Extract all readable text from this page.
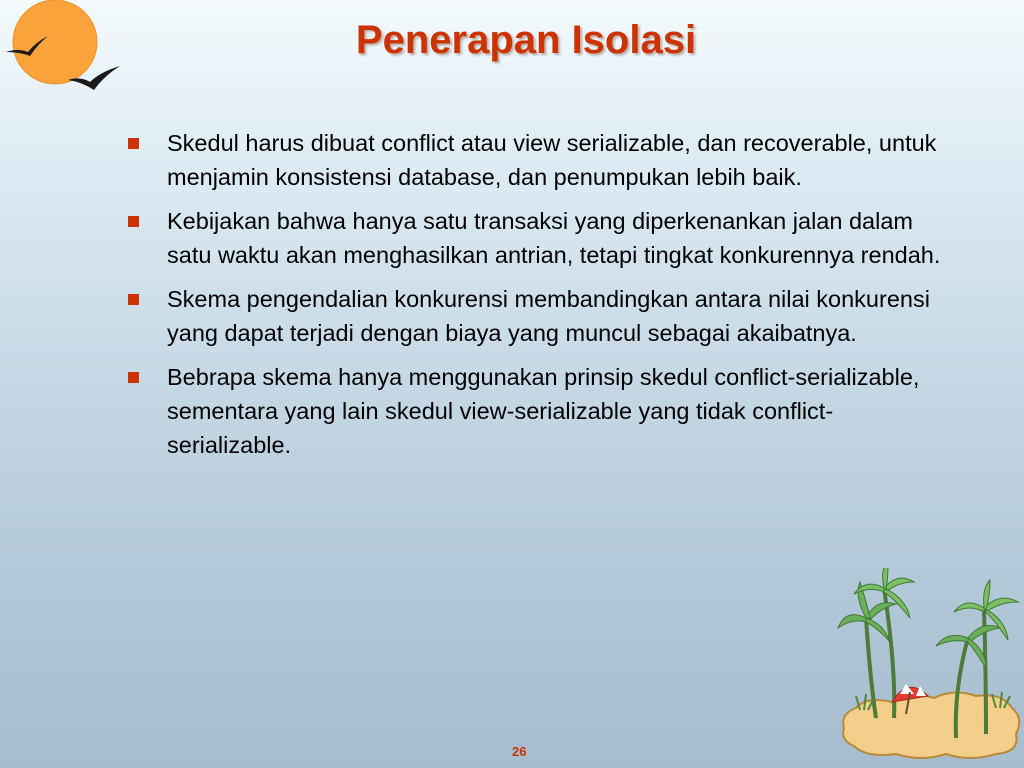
Penerapan Isolasi
Skedul harus dibuat conflict atau view serializable, dan recoverable, untuk menjamin konsistensi database, dan penumpukan lebih baik.
Kebijakan bahwa hanya satu transaksi yang diperkenankan jalan dalam satu waktu akan menghasilkan antrian, tetapi tingkat konkurennya rendah.
Skema pengendalian konkurensi membandingkan antara nilai konkurensi yang dapat terjadi dengan biaya yang muncul sebagai akaibatnya.
Bebrapa skema hanya menggunakan prinsip skedul conflict-serializable, sementara yang lain skedul view-serializable yang tidak conflict-serializable.
26
